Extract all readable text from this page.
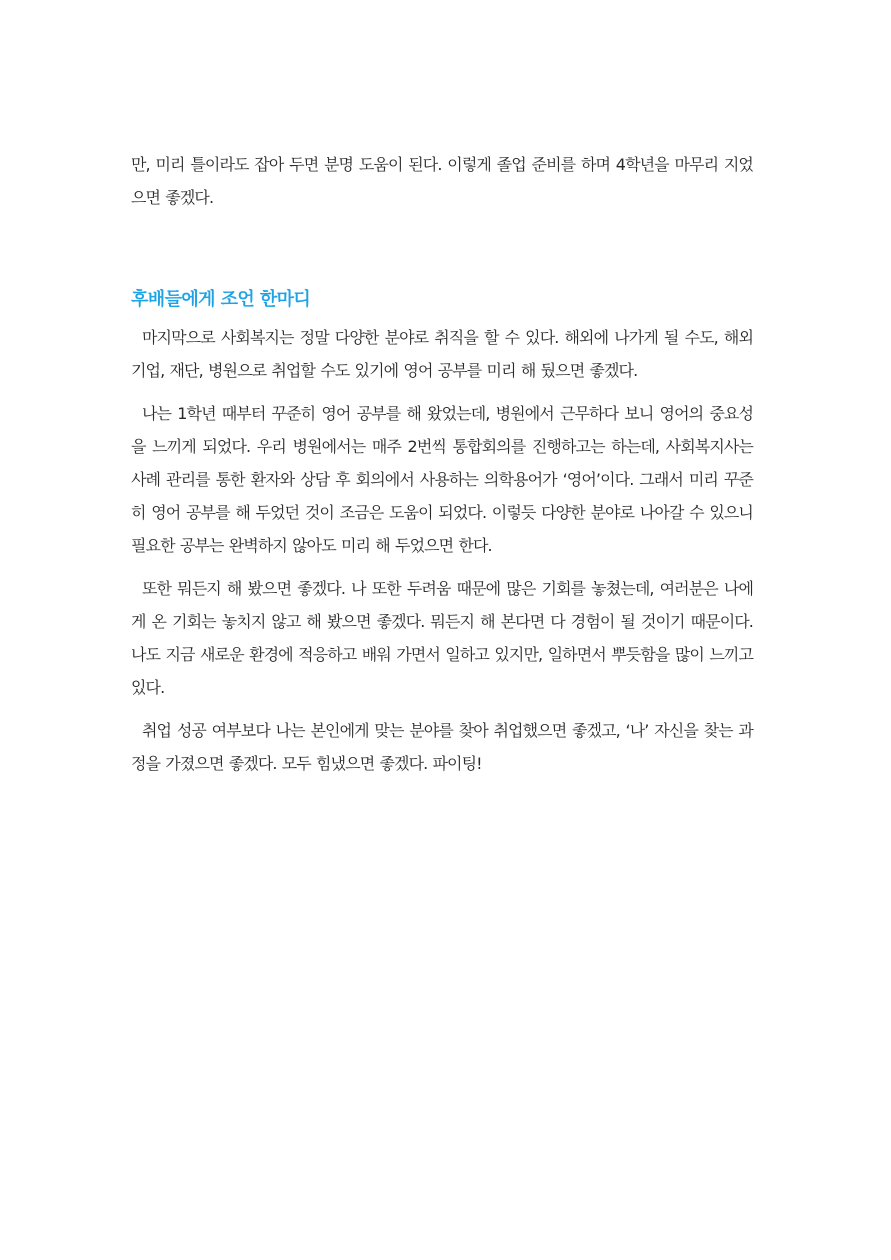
만, 미리 틀이라도 잡아 두면 분명 도움이 된다. 이렇게 졸업 준비를 하며 4학년을 마무리 지었으면 좋겠다.

후배들에게 조언 한마디

마지막으로 사회복지는 정말 다양한 분야로 취직을 할 수 있다. 해외에 나가게 될 수도, 해외 기업, 재단, 병원으로 취업할 수도 있기에 영어 공부를 미리 해 뒀으면 좋겠다.

나는 1학년 때부터 꾸준히 영어 공부를 해 왔었는데, 병원에서 근무하다 보니 영어의 중요성을 느끼게 되었다. 우리 병원에서는 매주 2번씩 통합회의를 진행하고는 하는데, 사회복지사는 사례 관리를 통한 환자와 상담 후 회의에서 사용하는 의학용어가 ‘영어’이다. 그래서 미리 꾸준히 영어 공부를 해 두었던 것이 조금은 도움이 되었다. 이렇듯 다양한 분야로 나아갈 수 있으니 필요한 공부는 완벽하지 않아도 미리 해 두었으면 한다.

또한 뭐든지 해 봤으면 좋겠다. 나 또한 두려움 때문에 많은 기회를 놓쳤는데, 여러분은 나에게 온 기회는 놓치지 않고 해 봤으면 좋겠다. 뭐든지 해 본다면 다 경험이 될 것이기 때문이다. 나도 지금 새로운 환경에 적응하고 배워 가면서 일하고 있지만, 일하면서 뿌듯함을 많이 느끼고 있다.

취업 성공 여부보다 나는 본인에게 맞는 분야를 찾아 취업했으면 좋겠고, ‘나’ 자신을 찾는 과정을 가졌으면 좋겠다. 모두 힘냈으면 좋겠다. 파이팅!
